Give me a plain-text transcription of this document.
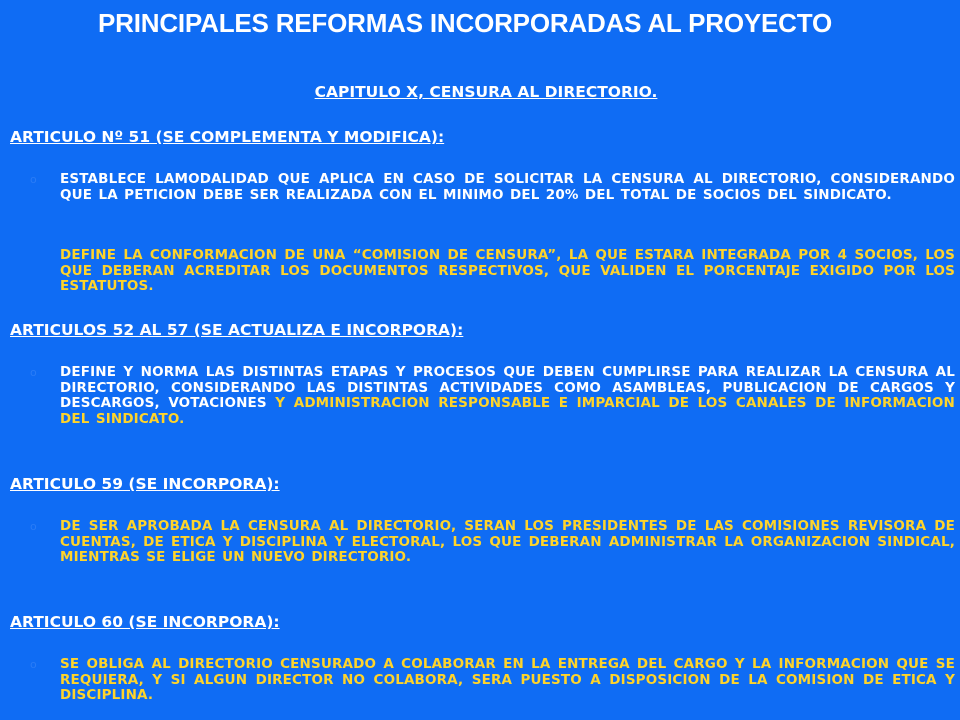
PRINCIPALES REFORMAS INCORPORADAS AL PROYECTO
CAPITULO X, CENSURA AL DIRECTORIO.
ARTICULO Nº 51 (SE COMPLEMENTA Y MODIFICA):
o ESTABLECE LAMODALIDAD QUE APLICA EN CASO DE SOLICITAR LA CENSURA AL DIRECTORIO, CONSIDERANDO QUE LA PETICION DEBE SER REALIZADA CON EL MINIMO DEL 20% DEL TOTAL DE SOCIOS DEL SINDICATO.
DEFINE LA CONFORMACION DE UNA “COMISION DE CENSURA”, LA QUE ESTARA INTEGRADA POR 4 SOCIOS, LOS QUE DEBERAN ACREDITAR LOS DOCUMENTOS RESPECTIVOS, QUE VALIDEN EL PORCENTAJE EXIGIDO POR LOS ESTATUTOS.
ARTICULOS 52 AL 57 (SE ACTUALIZA E INCORPORA):
o DEFINE Y NORMA LAS DISTINTAS ETAPAS Y PROCESOS QUE DEBEN CUMPLIRSE PARA REALIZAR LA CENSURA AL DIRECTORIO, CONSIDERANDO LAS DISTINTAS ACTIVIDADES COMO ASAMBLEAS, PUBLICACION DE CARGOS Y DESCARGOS, VOTACIONES Y ADMINISTRACION RESPONSABLE E IMPARCIAL DE LOS CANALES DE INFORMACION DEL SINDICATO.
ARTICULO 59 (SE INCORPORA):
o DE SER APROBADA LA CENSURA AL DIRECTORIO, SERAN LOS PRESIDENTES DE LAS COMISIONES REVISORA DE CUENTAS, DE ETICA Y DISCIPLINA Y ELECTORAL, LOS QUE DEBERAN ADMINISTRAR LA ORGANIZACION SINDICAL, MIENTRAS SE ELIGE UN NUEVO DIRECTORIO.
ARTICULO 60 (SE INCORPORA):
o SE OBLIGA AL DIRECTORIO CENSURADO A COLABORAR EN LA ENTREGA DEL CARGO Y LA INFORMACION QUE SE REQUIERA, Y SI ALGUN DIRECTOR NO COLABORA, SERA PUESTO A DISPOSICION DE LA COMISION DE ETICA Y DISCIPLINA.
